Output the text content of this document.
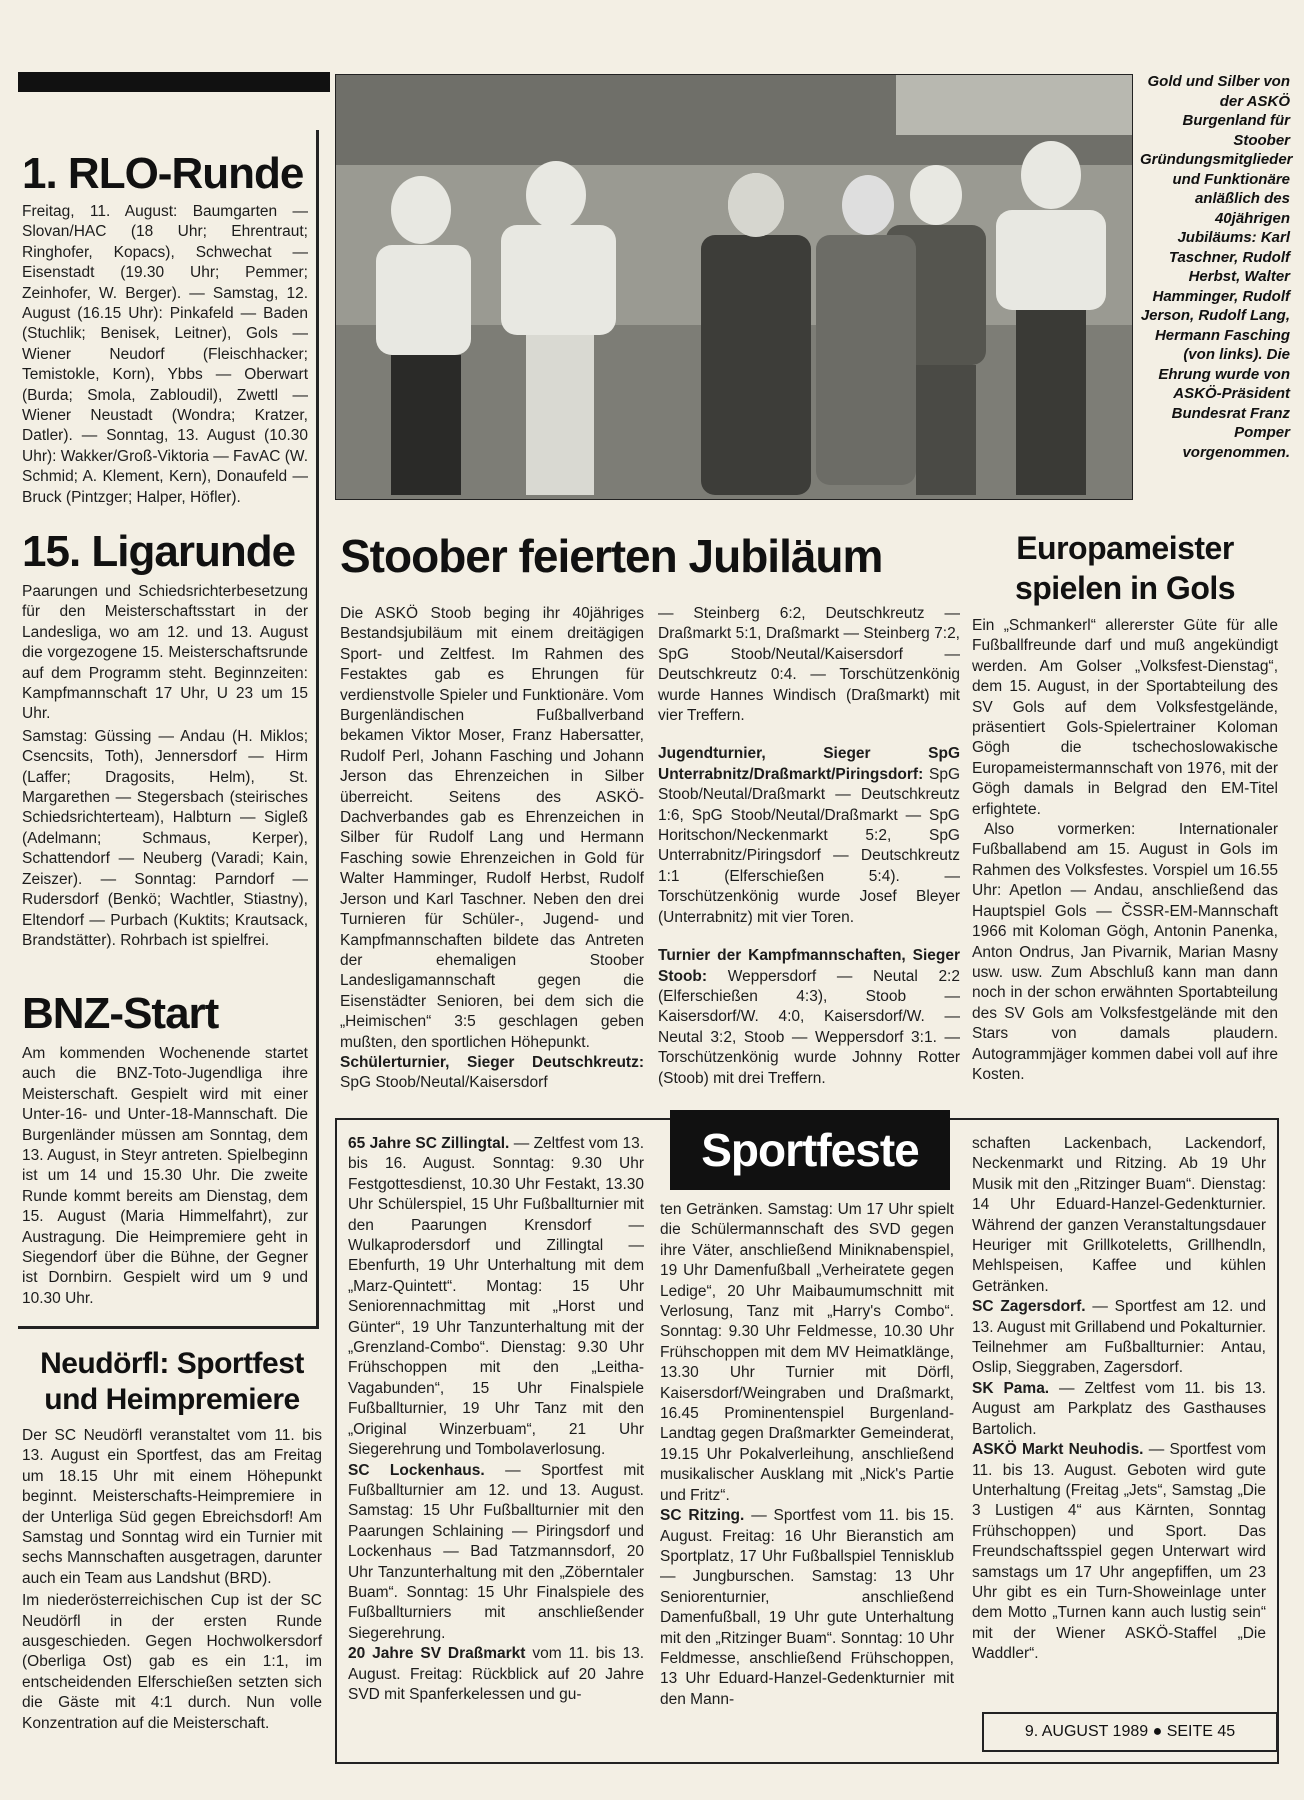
1. RLO-Runde

Freitag, 11. August: Baumgarten — Slovan/HAC (18 Uhr; Ehrentraut; Ringhofer, Kopacs), Schwechat — Eisenstadt (19.30 Uhr; Pemmer; Zeinhofer, W. Berger). — Samstag, 12. August (16.15 Uhr): Pinkafeld — Baden (Stuchlik; Benisek, Leitner), Gols — Wiener Neudorf (Fleischhacker; Temistokle, Korn), Ybbs — Oberwart (Burda; Smola, Zabloudil), Zwettl — Wiener Neustadt (Wondra; Kratzer, Datler). — Sonntag, 13. August (10.30 Uhr): Wakker/Groß-Viktoria — FavAC (W. Schmid; A. Klement, Kern), Donaufeld — Bruck (Pintzger; Halper, Höfler).

15. Ligarunde

Paarungen und Schiedsrichterbesetzung für den Meisterschaftsstart in der Landesliga, wo am 12. und 13. August die vorgezogene 15. Meisterschaftsrunde auf dem Programm steht. Beginnzeiten: Kampfmannschaft 17 Uhr, U 23 um 15 Uhr.

Samstag: Güssing — Andau (H. Miklos; Csencsits, Toth), Jennersdorf — Hirm (Laffer; Dragosits, Helm), St. Margarethen — Stegersbach (steirisches Schiedsrichterteam), Halbturn — Sigleß (Adelmann; Schmaus, Kerper), Schattendorf — Neuberg (Varadi; Kain, Zeiszer). — Sonntag: Parndorf — Rudersdorf (Benkö; Wachtler, Stiastny), Eltendorf — Purbach (Kuktits; Krautsack, Brandstätter). Rohrbach ist spielfrei.

BNZ-Start

Am kommenden Wochenende startet auch die BNZ-Toto-Jugendliga ihre Meisterschaft. Gespielt wird mit einer Unter-16- und Unter-18-Mannschaft. Die Burgenländer müssen am Sonntag, dem 13. August, in Steyr antreten. Spielbeginn ist um 14 und 15.30 Uhr. Die zweite Runde kommt bereits am Dienstag, dem 15. August (Maria Himmelfahrt), zur Austragung. Die Heimpremiere geht in Siegendorf über die Bühne, der Gegner ist Dornbirn. Gespielt wird um 9 und 10.30 Uhr.

Neudörfl: Sportfest und Heimpremiere

Der SC Neudörfl veranstaltet vom 11. bis 13. August ein Sportfest, das am Freitag um 18.15 Uhr mit einem Höhepunkt beginnt. Meisterschafts-Heimpremiere in der Unterliga Süd gegen Ebreichsdorf! Am Samstag und Sonntag wird ein Turnier mit sechs Mannschaften ausgetragen, darunter auch ein Team aus Landshut (BRD).

Im niederösterreichischen Cup ist der SC Neudörfl in der ersten Runde ausgeschieden. Gegen Hochwolkersdorf (Oberliga Ost) gab es ein 1:1, im entscheidenden Elferschießen setzten sich die Gäste mit 4:1 durch. Nun volle Konzentration auf die Meisterschaft.

Gold und Silber von der ASKÖ Burgenland für Stoober Gründungsmitglieder und Funktionäre anläßlich des 40jährigen Jubiläums: Karl Taschner, Rudolf Herbst, Walter Hamminger, Rudolf Jerson, Rudolf Lang, Hermann Fasching (von links). Die Ehrung wurde von ASKÖ-Präsident Bundesrat Franz Pomper vorgenommen.

Stoober feierten Jubiläum

Die ASKÖ Stoob beging ihr 40jähriges Bestandsjubiläum mit einem dreitägigen Sport- und Zeltfest. Im Rahmen des Festaktes gab es Ehrungen für verdienstvolle Spieler und Funktionäre. Vom Burgenländischen Fußballverband bekamen Viktor Moser, Franz Habersatter, Rudolf Perl, Johann Fasching und Johann Jerson das Ehrenzeichen in Silber überreicht. Seitens des ASKÖ-Dachverbandes gab es Ehrenzeichen in Silber für Rudolf Lang und Hermann Fasching sowie Ehrenzeichen in Gold für Walter Hamminger, Rudolf Herbst, Rudolf Jerson und Karl Taschner. Neben den drei Turnieren für Schüler-, Jugend- und Kampfmannschaften bildete das Antreten der ehemaligen Stoober Landesligamannschaft gegen die Eisenstädter Senioren, bei dem sich die „Heimischen“ 3:5 geschlagen geben mußten, den sportlichen Höhepunkt.

Schülerturnier, Sieger Deutschkreutz: SpG Stoob/Neutal/Kaisersdorf

— Steinberg 6:2, Deutschkreutz — Draßmarkt 5:1, Draßmarkt — Steinberg 7:2, SpG Stoob/Neutal/Kaisersdorf — Deutschkreutz 0:4. — Torschützenkönig wurde Hannes Windisch (Draßmarkt) mit vier Treffern.

Jugendturnier, Sieger SpG Unterrabnitz/Draßmarkt/Piringsdorf: SpG Stoob/Neutal/Draßmarkt — Deutschkreutz 1:6, SpG Stoob/Neutal/Draßmarkt — SpG Horitschon/Neckenmarkt 5:2, SpG Unterrabnitz/Piringsdorf — Deutschkreutz 1:1 (Elferschießen 5:4). — Torschützenkönig wurde Josef Bleyer (Unterrabnitz) mit vier Toren.

Turnier der Kampfmannschaften, Sieger Stoob: Weppersdorf — Neutal 2:2 (Elferschießen 4:3), Stoob — Kaisersdorf/W. 4:0, Kaisersdorf/W. — Neutal 3:2, Stoob — Weppersdorf 3:1. — Torschützenkönig wurde Johnny Rotter (Stoob) mit drei Treffern.

Europameister spielen in Gols

Ein „Schmankerl“ allererster Güte für alle Fußballfreunde darf und muß angekündigt werden. Am Golser „Volksfest-Dienstag“, dem 15. August, in der Sportabteilung des SV Gols auf dem Volksfestgelände, präsentiert Gols-Spielertrainer Koloman Gögh die tschechoslowakische Europameistermannschaft von 1976, mit der Gögh damals in Belgrad den EM-Titel erfightete.

Also vormerken: Internationaler Fußballabend am 15. August in Gols im Rahmen des Volksfestes. Vorspiel um 16.55 Uhr: Apetlon — Andau, anschließend das Hauptspiel Gols — ČSSR-EM-Mannschaft 1966 mit Koloman Gögh, Antonin Panenka, Anton Ondrus, Jan Pivarnik, Marian Masny usw. usw. Zum Abschluß kann man dann noch in der schon erwähnten Sportabteilung des SV Gols am Volksfestgelände mit den Stars von damals plaudern. Autogrammjäger kommen dabei voll auf ihre Kosten.

Sportfeste

65 Jahre SC Zillingtal. — Zeltfest vom 13. bis 16. August. Sonntag: 9.30 Uhr Festgottesdienst, 10.30 Uhr Festakt, 13.30 Uhr Schülerspiel, 15 Uhr Fußballturnier mit den Paarungen Krensdorf — Wulkaprodersdorf und Zillingtal — Ebenfurth, 19 Uhr Unterhaltung mit dem „Marz-Quintett“. Montag: 15 Uhr Seniorennachmittag mit „Horst und Günter“, 19 Uhr Tanzunterhaltung mit der „Grenzland-Combo“. Dienstag: 9.30 Uhr Frühschoppen mit den „Leitha-Vagabunden“, 15 Uhr Finalspiele Fußballturnier, 19 Uhr Tanz mit den „Original Winzerbuam“, 21 Uhr Siegerehrung und Tombolaverlosung.

SC Lockenhaus. — Sportfest mit Fußballturnier am 12. und 13. August. Samstag: 15 Uhr Fußballturnier mit den Paarungen Schlaining — Piringsdorf und Lockenhaus — Bad Tatzmannsdorf, 20 Uhr Tanzunterhaltung mit den „Zöberntaler Buam“. Sonntag: 15 Uhr Finalspiele des Fußballturniers mit anschließender Siegerehrung.

20 Jahre SV Draßmarkt vom 11. bis 13. August. Freitag: Rückblick auf 20 Jahre SVD mit Spanferkelessen und gu-

ten Getränken. Samstag: Um 17 Uhr spielt die Schülermannschaft des SVD gegen ihre Väter, anschließend Miniknabenspiel, 19 Uhr Damenfußball „Verheiratete gegen Ledige“, 20 Uhr Maibaumumschnitt mit Verlosung, Tanz mit „Harry's Combo“. Sonntag: 9.30 Uhr Feldmesse, 10.30 Uhr Frühschoppen mit dem MV Heimatklänge, 13.30 Uhr Turnier mit Dörfl, Kaisersdorf/Weingraben und Draßmarkt, 16.45 Prominentenspiel Burgenland-Landtag gegen Draßmarkter Gemeinderat, 19.15 Uhr Pokalverleihung, anschließend musikalischer Ausklang mit „Nick's Partie und Fritz“.

SC Ritzing. — Sportfest vom 11. bis 15. August. Freitag: 16 Uhr Bieranstich am Sportplatz, 17 Uhr Fußballspiel Tennisklub — Jungburschen. Samstag: 13 Uhr Seniorenturnier, anschließend Damenfußball, 19 Uhr gute Unterhaltung mit den „Ritzinger Buam“. Sonntag: 10 Uhr Feldmesse, anschließend Frühschoppen, 13 Uhr Eduard-Hanzel-Gedenkturnier mit den Mann-

schaften Lackenbach, Lackendorf, Neckenmarkt und Ritzing. Ab 19 Uhr Musik mit den „Ritzinger Buam“. Dienstag: 14 Uhr Eduard-Hanzel-Gedenkturnier. Während der ganzen Veranstaltungsdauer Heuriger mit Grillkoteletts, Grillhendln, Mehlspeisen, Kaffee und kühlen Getränken.

SC Zagersdorf. — Sportfest am 12. und 13. August mit Grillabend und Pokalturnier. Teilnehmer am Fußballturnier: Antau, Oslip, Sieggraben, Zagersdorf.

SK Pama. — Zeltfest vom 11. bis 13. August am Parkplatz des Gasthauses Bartolich.

ASKÖ Markt Neuhodis. — Sportfest vom 11. bis 13. August. Geboten wird gute Unterhaltung (Freitag „Jets“, Samstag „Die 3 Lustigen 4“ aus Kärnten, Sonntag Frühschoppen) und Sport. Das Freundschaftsspiel gegen Unterwart wird samstags um 17 Uhr angepfiffen, um 23 Uhr gibt es ein Turn-Showeinlage unter dem Motto „Turnen kann auch lustig sein“ mit der Wiener ASKÖ-Staffel „Die Waddler“.

9. AUGUST 1989 ● SEITE 45
